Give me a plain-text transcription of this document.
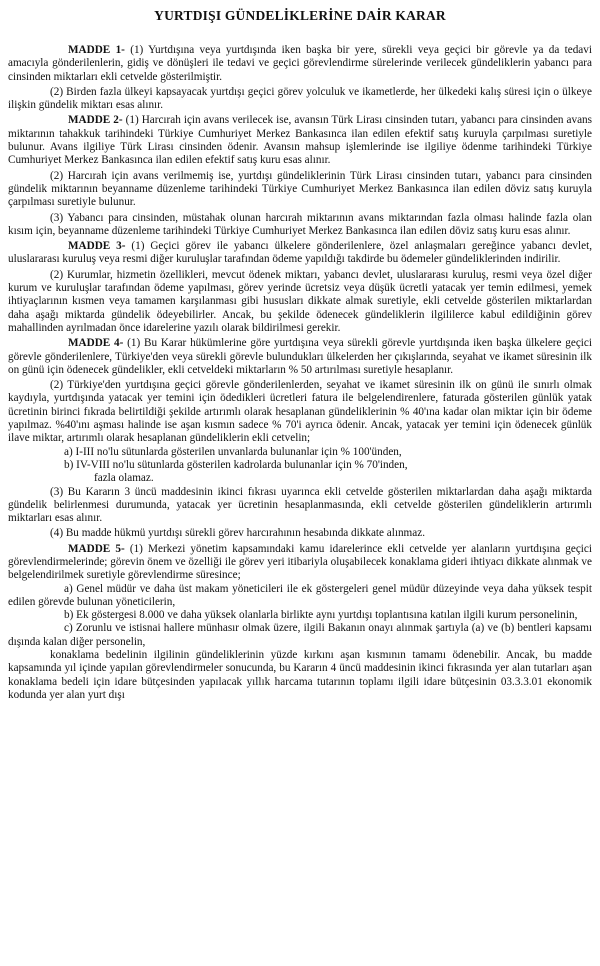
YURTDIŞI GÜNDELİKLERİNE DAİR KARAR

MADDE 1- (1) Yurtdışına veya yurtdışında iken başka bir yere, sürekli veya geçici bir görevle ya da tedavi amacıyla gönderilenlerin, gidiş ve dönüşleri ile tedavi ve geçici görevlendirme sürelerinde verilecek gündeliklerin yabancı para cinsinden miktarları ekli cetvelde gösterilmiştir.

(2) Birden fazla ülkeyi kapsayacak yurtdışı geçici görev yolculuk ve ikametlerde, her ülkedeki kalış süresi için o ülkeye ilişkin gündelik miktarı esas alınır.

MADDE 2- (1) Harcırah için avans verilecek ise, avansın Türk Lirası cinsinden tutarı, yabancı para cinsinden avans miktarının tahakkuk tarihindeki Türkiye Cumhuriyet Merkez Bankasınca ilan edilen efektif satış kuruyla çarpılması suretiyle bulunur. Avans ilgiliye Türk Lirası cinsinden ödenir. Avansın mahsup işlemlerinde ise ilgiliye ödenme tarihindeki Türkiye Cumhuriyet Merkez Bankasınca ilan edilen efektif satış kuru esas alınır.

(2) Harcırah için avans verilmemiş ise, yurtdışı gündeliklerinin Türk Lirası cinsinden tutarı, yabancı para cinsinden gündelik miktarının beyanname düzenleme tarihindeki Türkiye Cumhuriyet Merkez Bankasınca ilan edilen döviz satış kuruyla çarpılması suretiyle bulunur.

(3) Yabancı para cinsinden, müstahak olunan harcırah miktarının avans miktarından fazla olması halinde fazla olan kısım için, beyanname düzenleme tarihindeki Türkiye Cumhuriyet Merkez Bankasınca ilan edilen döviz satış kuru esas alınır.

MADDE 3- (1) Geçici görev ile yabancı ülkelere gönderilenlere, özel anlaşmaları gereğince yabancı devlet, uluslararası kuruluş veya resmi diğer kuruluşlar tarafından ödeme yapıldığı takdirde bu ödemeler gündeliklerinden indirilir.

(2) Kurumlar, hizmetin özellikleri, mevcut ödenek miktarı, yabancı devlet, uluslararası kuruluş, resmi veya özel diğer kurum ve kuruluşlar tarafından ödeme yapılması, görev yerinde ücretsiz veya düşük ücretli yatacak yer temin edilmesi, yemek ihtiyaçlarının kısmen veya tamamen karşılanması gibi hususları dikkate almak suretiyle, ekli cetvelde gösterilen miktarlardan daha aşağı miktarda gündelik ödeyebilirler. Ancak, bu şekilde ödenecek gündeliklerin ilgililerce kabul edildiğinin görev mahallinden ayrılmadan önce idarelerine yazılı olarak bildirilmesi gerekir.

MADDE 4- (1) Bu Karar hükümlerine göre yurtdışına veya sürekli görevle yurtdışında iken başka ülkelere geçici görevle gönderilenlere, Türkiye'den veya sürekli görevle bulundukları ülkelerden her çıkışlarında, seyahat ve ikamet süresinin ilk on günü için ödenecek gündelikler, ekli cetveldeki miktarların % 50 artırılması suretiyle hesaplanır.

(2) Türkiye'den yurtdışına geçici görevle gönderilenlerden, seyahat ve ikamet süresinin ilk on günü ile sınırlı olmak kaydıyla, yurtdışında yatacak yer temini için ödedikleri ücretleri fatura ile belgelendirenlere, faturada gösterilen günlük yatak ücretinin birinci fıkrada belirtildiği şekilde artırımlı olarak hesaplanan gündeliklerinin % 40'ına kadar olan miktar için bir ödeme yapılmaz. %40'ını aşması halinde ise aşan kısmın sadece % 70'i ayrıca ödenir. Ancak, yatacak yer temini için ödenecek günlük ilave miktar, artırımlı olarak hesaplanan gündeliklerin ekli cetvelin;

a) I-III no'lu sütunlarda gösterilen unvanlarda bulunanlar için % 100'ünden,

b) IV-VIII no'lu sütunlarda gösterilen kadrolarda bulunanlar için % 70'inden,

fazla olamaz.

(3) Bu Kararın 3 üncü maddesinin ikinci fıkrası uyarınca ekli cetvelde gösterilen miktarlardan daha aşağı miktarda gündelik belirlenmesi durumunda, yatacak yer ücretinin hesaplanmasında, ekli cetvelde gösterilen gündeliklerin artırımlı miktarları esas alınır.

(4) Bu madde hükmü yurtdışı sürekli görev harcırahının hesabında dikkate alınmaz.

MADDE 5- (1) Merkezi yönetim kapsamındaki kamu idarelerince ekli cetvelde yer alanların yurtdışına geçici görevlendirmelerinde; görevin önem ve özelliği ile görev yeri itibariyla oluşabilecek konaklama gideri ihtiyacı dikkate alınmak ve belgelendirilmek suretiyle görevlendirme süresince;

a) Genel müdür ve daha üst makam yöneticileri ile ek göstergeleri genel müdür düzeyinde veya daha yüksek tespit edilen görevde bulunan yöneticilerin,

b) Ek göstergesi 8.000 ve daha yüksek olanlarla birlikte aynı yurtdışı toplantısına katılan ilgili kurum personelinin,

c) Zorunlu ve istisnai hallere münhasır olmak üzere, ilgili Bakanın onayı alınmak şartıyla (a) ve (b) bentleri kapsamı dışında kalan diğer personelin,

konaklama bedelinin ilgilinin gündeliklerinin yüzde kırkını aşan kısmının tamamı ödenebilir. Ancak, bu madde kapsamında yıl içinde yapılan görevlendirmeler sonucunda, bu Kararın 4 üncü maddesinin ikinci fıkrasında yer alan tutarları aşan konaklama bedeli için idare bütçesinden yapılacak yıllık harcama tutarının toplamı ilgili idare bütçesinin 03.3.3.01 ekonomik kodunda yer alan yurt dışı
